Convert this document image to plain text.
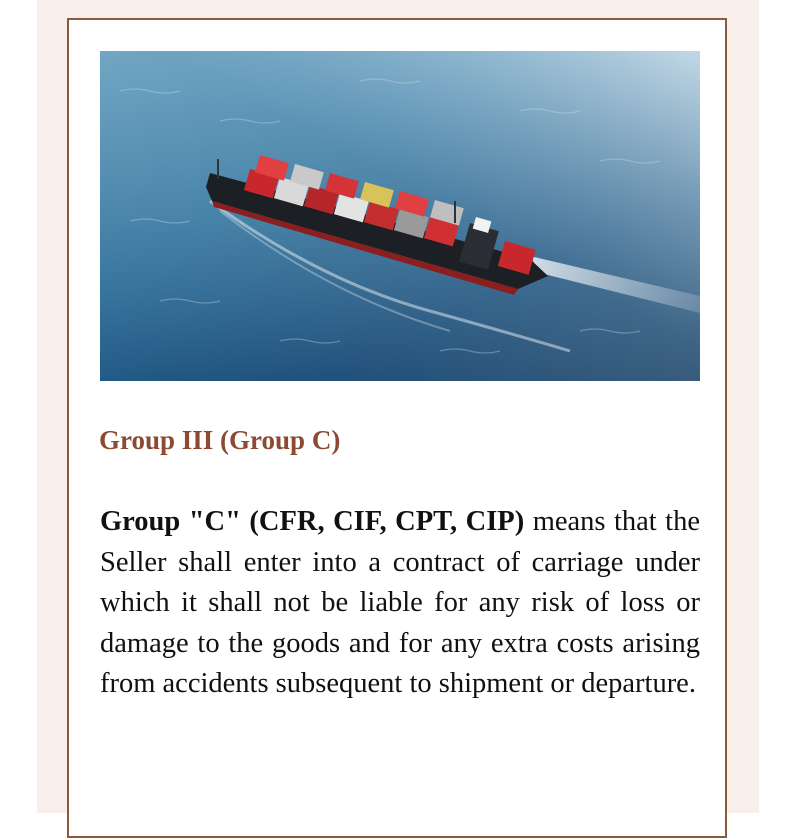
Group III (Group C)

Group "C" (CFR, CIF, CPT, CIP) means that the Seller shall enter into a contract of carriage under which it shall not be liable for any risk of loss or damage to the goods and for any extra costs arising from accidents subsequent to shipment or departure.
